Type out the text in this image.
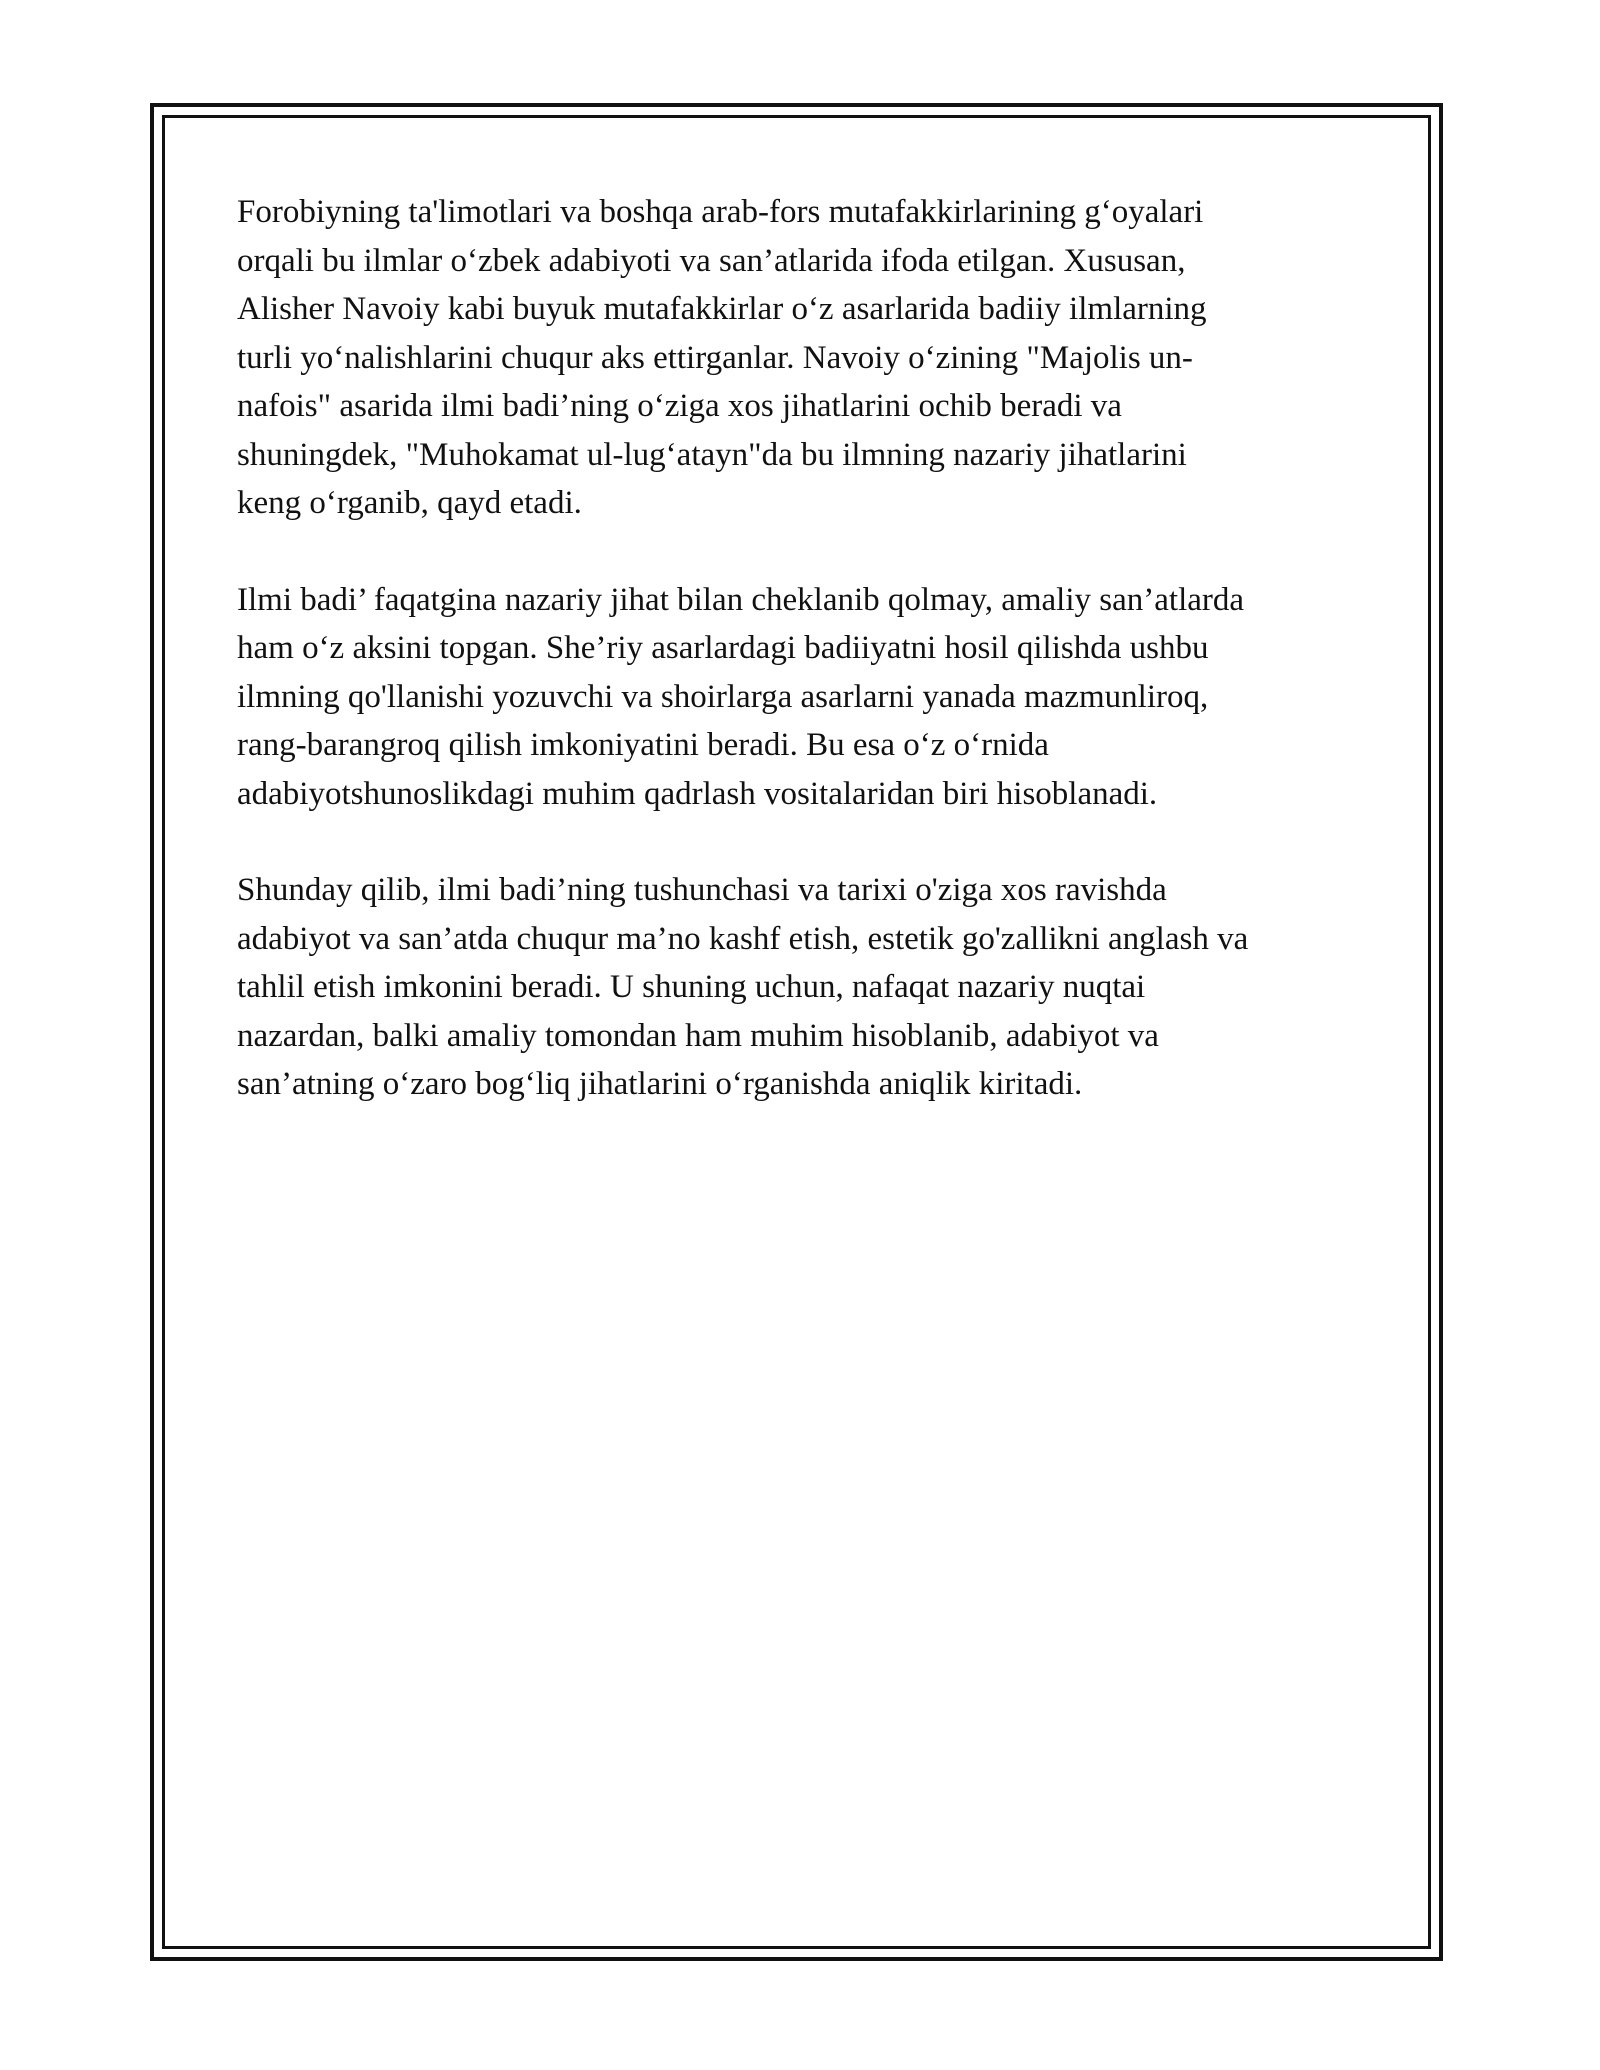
Forobiyning ta'limotlari va boshqa arab-fors mutafakkirlarining g‘oyalari
orqali bu ilmlar o‘zbek adabiyoti va san’atlarida ifoda etilgan. Xususan,
Alisher Navoiy kabi buyuk mutafakkirlar o‘z asarlarida badiiy ilmlarning
turli yo‘nalishlarini chuqur aks ettirganlar. Navoiy o‘zining "Majolis un-
nafois" asarida ilmi badi’ning o‘ziga xos jihatlarini ochib beradi va
shuningdek, "Muhokamat ul-lug‘atayn"da bu ilmning nazariy jihatlarini
keng o‘rganib, qayd etadi.

Ilmi badi’ faqatgina nazariy jihat bilan cheklanib qolmay, amaliy san’atlarda
ham o‘z aksini topgan. She’riy asarlardagi badiiyatni hosil qilishda ushbu
ilmning qo'llanishi yozuvchi va shoirlarga asarlarni yanada mazmunliroq,
rang-barangroq qilish imkoniyatini beradi. Bu esa o‘z o‘rnida
adabiyotshunoslikdagi muhim qadrlash vositalaridan biri hisoblanadi.

Shunday qilib, ilmi badi’ning tushunchasi va tarixi o'ziga xos ravishda
adabiyot va san’atda chuqur ma’no kashf etish, estetik go'zallikni anglash va
tahlil etish imkonini beradi. U shuning uchun, nafaqat nazariy nuqtai
nazardan, balki amaliy tomondan ham muhim hisoblanib, adabiyot va
san’atning o‘zaro bog‘liq jihatlarini o‘rganishda aniqlik kiritadi.
